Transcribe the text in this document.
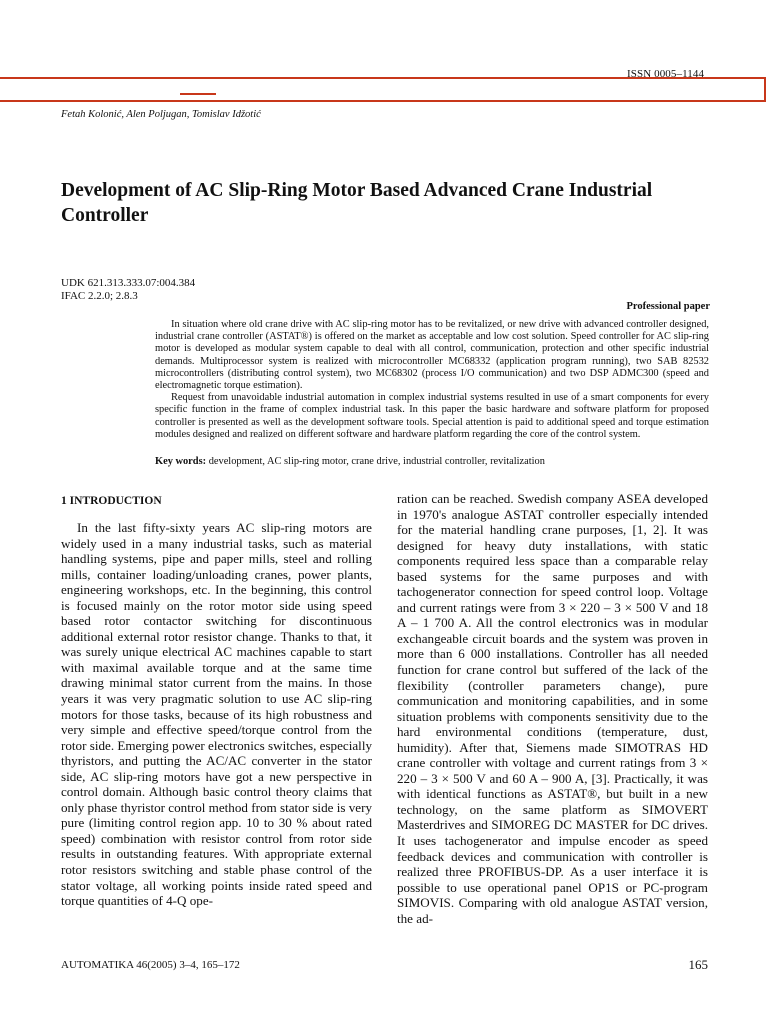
ISSN 0005–1144
Fetah Kolonić, Alen Poljugan, Tomislav Idžotić
Development of AC Slip-Ring Motor Based Advanced Crane Industrial Controller
UDK 621.313.333.07:004.384
IFAC 2.2.0; 2.8.3
Professional paper

In situation where old crane drive with AC slip-ring motor has to be revitalized, or new drive with advanced controller designed, industrial crane controller (ASTAT®) is offered on the market as acceptable and low cost solution. Speed controller for AC slip-ring motor is developed as modular system capable to deal with all control, communication, protection and other specific industrial demands. Multiprocessor system is realized with microcontroller MC68332 (application program running), two SAB 82532 microcontrollers (distributing control system), two MC68302 (process I/O communication) and two DSP ADMC300 (speed and electromagnetic torque estimation).

Request from unavoidable industrial automation in complex industrial systems resulted in use of a smart components for every specific function in the frame of complex industrial task. In this paper the basic hardware and software platform for proposed controller is presented as well as the development software tools. Special attention is paid to additional speed and torque estimation modules designed and realized on different software and hardware platform regarding the core of the control system.

Key words: development, AC slip-ring motor, crane drive, industrial controller, revitalization
1 INTRODUCTION

In the last fifty-sixty years AC slip-ring motors are widely used in a many industrial tasks, such as material handling systems, pipe and paper mills, steel and rolling mills, container loading/unloading cranes, power plants, engineering workshops, etc. In the beginning, this control is focused mainly on the rotor motor side using speed based rotor contactor switching for discontinuous additional external rotor resistor change. Thanks to that, it was surely unique electrical AC machines capable to start with maximal available torque and at the same time drawing minimal stator current from the mains. In those years it was very pragmatic solution to use AC slip-ring motors for those tasks, because of its high robustness and very simple and effective speed/torque control from the rotor side. Emerging power electronics switches, especially thyristors, and putting the AC/AC converter in the stator side, AC slip-ring motors have got a new perspective in control domain. Although basic control theory claims that only phase thyristor control method from stator side is very pure (limiting control region app. 10 to 30 % about rated speed) combination with resistor control from rotor side results in outstanding features. With appropriate external rotor resistors switching and stable phase control of the stator voltage, all working points inside rated speed and torque quantities of 4-Q ope-

ration can be reached. Swedish company ASEA developed in 1970's analogue ASTAT controller especially intended for the material handling crane purposes, [1, 2]. It was designed for heavy duty installations, with static components required less space than a comparable relay based systems for the same purposes and with tachogenerator connection for speed control loop. Voltage and current ratings were from 3 × 220 – 3 × 500 V and 18 A – 1 700 A. All the control electronics was in modular exchangeable circuit boards and the system was proven in more than 6 000 installations. Controller has all needed function for crane control but suffered of the lack of the flexibility (controller parameters change), pure communication and monitoring capabilities, and in some situation problems with components sensitivity due to the hard environmental conditions (temperature, dust, humidity). After that, Siemens made SIMOTRAS HD crane controller with voltage and current ratings from 3 × 220 – 3 × 500 V and 60 A – 900 A, [3]. Practically, it was with identical functions as ASTAT®, but built in a new technology, on the same platform as SIMOVERT Masterdrives and SIMOREG DC MASTER for DC drives. It uses tachogenerator and impulse encoder as speed feedback devices and communication with controller is realized three PROFIBUS-DP. As a user interface it is possible to use operational panel OP1S or PC-program SIMOVIS. Comparing with old analogue ASTAT version, the ad-

AUTOMATIKA 46(2005) 3–4, 165–172	165
